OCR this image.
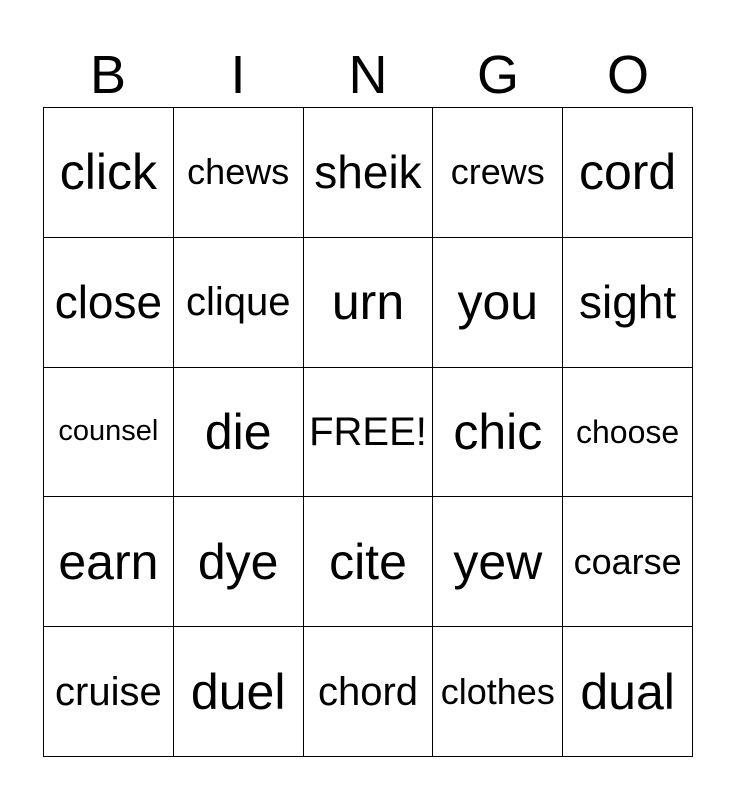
B	I	N	G	O
click chews sheik crews cord
close clique urn	you sight
counsel die FREE! chic	choose
earn dye	cite yew coarse
cruise duel chord clothes dual
